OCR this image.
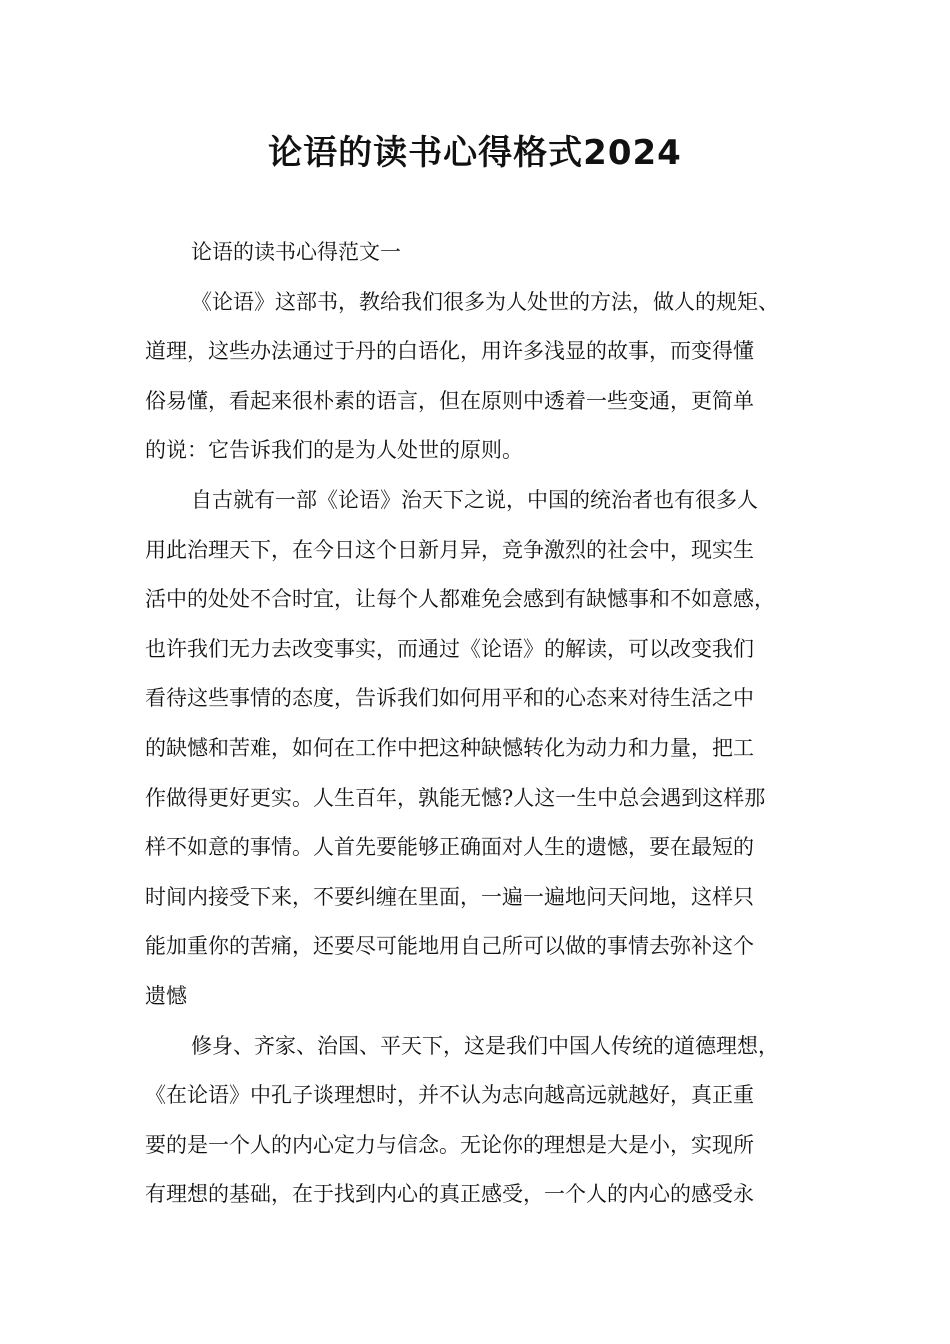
论语的读书心得格式2024
论语的读书心得范文一
《论语》这部书，教给我们很多为人处世的方法，做人的规矩、
道理，这些办法通过于丹的白语化，用许多浅显的故事，而变得懂
俗易懂，看起来很朴素的语言，但在原则中透着一些变通，更简单
的说：它告诉我们的是为人处世的原则。
自古就有一部《论语》治天下之说，中国的统治者也有很多人
用此治理天下，在今日这个日新月异，竞争激烈的社会中，现实生
活中的处处不合时宜，让每个人都难免会感到有缺憾事和不如意感，
也许我们无力去改变事实，而通过《论语》的解读，可以改变我们
看待这些事情的态度，告诉我们如何用平和的心态来对待生活之中
的缺憾和苦难，如何在工作中把这种缺憾转化为动力和力量，把工
作做得更好更实。人生百年，孰能无憾?人这一生中总会遇到这样那
样不如意的事情。人首先要能够正确面对人生的遗憾，要在最短的
时间内接受下来，不要纠缠在里面，一遍一遍地问天问地，这样只
能加重你的苦痛，还要尽可能地用自己所可以做的事情去弥补这个
遗憾
修身、齐家、治国、平天下，这是我们中国人传统的道德理想，
《在论语》中孔子谈理想时，并不认为志向越高远就越好，真正重
要的是一个人的内心定力与信念。无论你的理想是大是小，实现所
有理想的基础，在于找到内心的真正感受，一个人的内心的感受永
